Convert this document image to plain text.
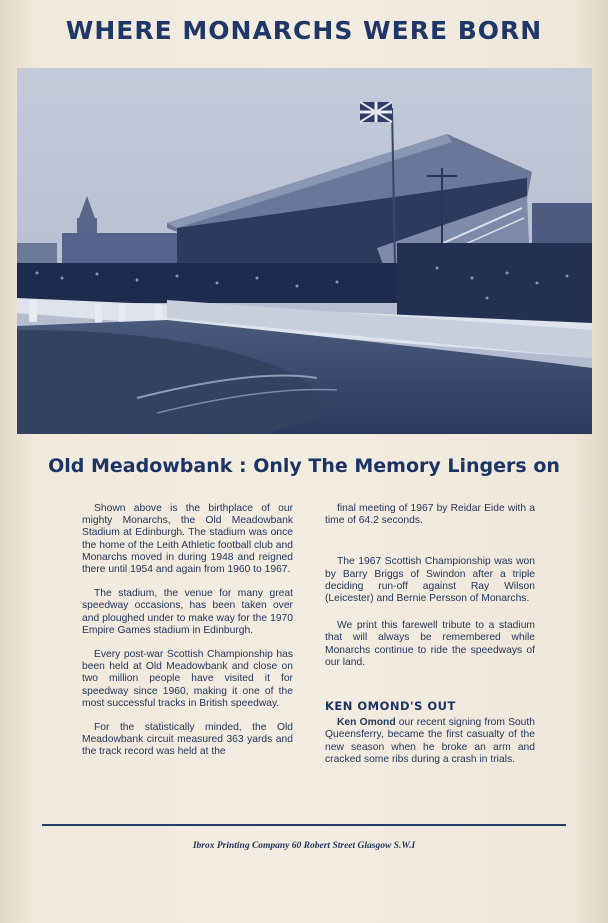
WHERE MONARCHS WERE BORN
Old Meadowbank : Only The Memory Lingers on

Shown above is the birthplace of our mighty Monarchs, the Old Meadowbank Stadium at Edinburgh. The stadium was once the home of the Leith Athletic football club and Monarchs moved in during 1948 and reigned there until 1954 and again from 1960 to 1967.

The stadium, the venue for many great speedway occasions, has been taken over and ploughed under to make way for the 1970 Empire Games stadium in Edinburgh.

Every post-war Scottish Championship has been held at Old Meadowbank and close on two million people have visited it for speedway since 1960, making it one of the most successful tracks in British speedway.

For the statistically minded, the Old Meadowbank circuit measured 363 yards and the track record was held at the

final meeting of 1967 by Reidar Eide with a time of 64.2 seconds.

The 1967 Scottish Championship was won by Barry Briggs of Swindon after a triple deciding run-off against Ray Wilson (Leicester) and Bernie Persson of Monarchs.

We print this farewell tribute to a stadium that will always be remembered while Monarchs continue to ride the speedways of our land.

KEN OMOND'S OUT

Ken Omond our recent signing from South Queensferry, became the first casualty of the new season when he broke an arm and cracked some ribs during a crash in trials.

Ibrox Printing Company 60 Robert Street Glasgow S.W.I
